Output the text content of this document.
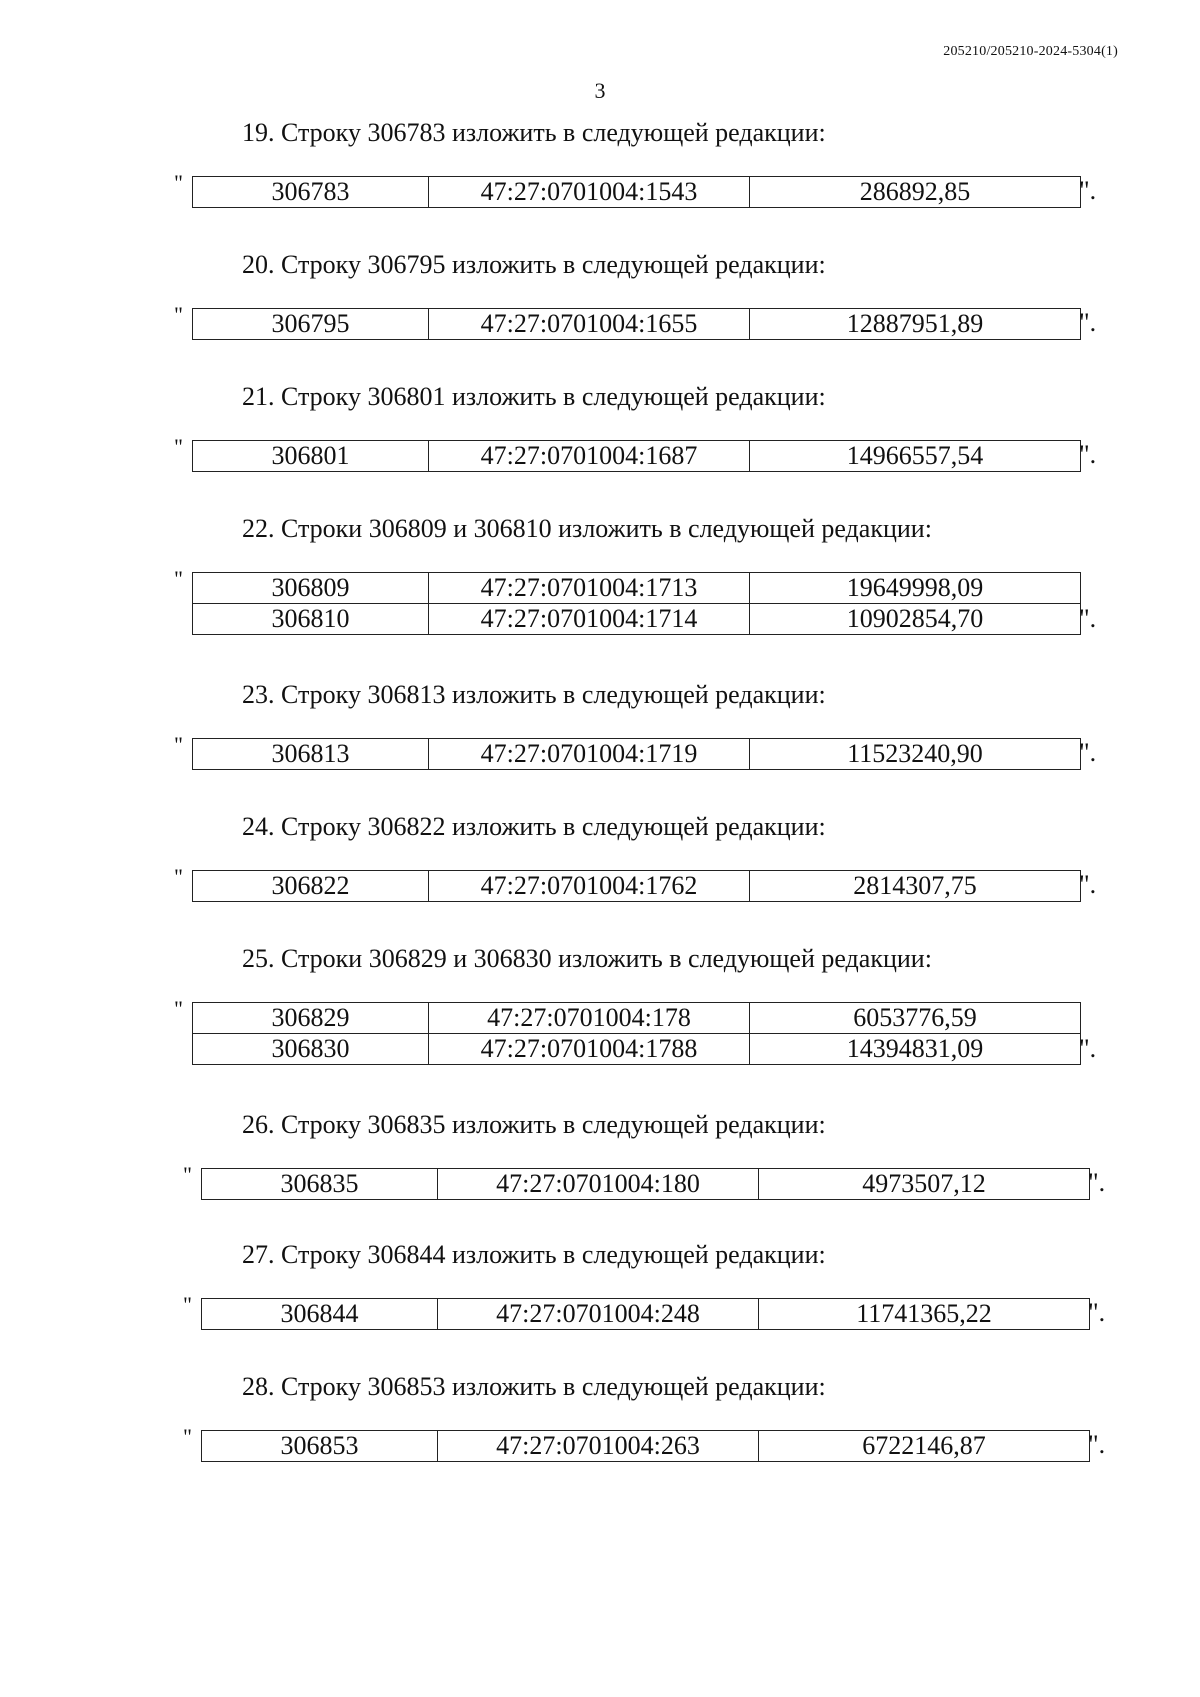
205210/205210-2024-5304(1)
3
19. Строку 306783 изложить в следующей редакции:
"	306783	47:27:0701004:1543	286892,85	".
20. Строку 306795 изложить в следующей редакции:
"	306795	47:27:0701004:1655	12887951,89	".
21. Строку 306801 изложить в следующей редакции:
"	306801	47:27:0701004:1687	14966557,54	".
22. Строки 306809 и 306810 изложить в следующей редакции:
"	306809	47:27:0701004:1713	19649998,09
306810	47:27:0701004:1714	10902854,70	".
23. Строку 306813 изложить в следующей редакции:
"	306813	47:27:0701004:1719	11523240,90	".
24. Строку 306822 изложить в следующей редакции:
"	306822	47:27:0701004:1762	2814307,75	".
25. Строки 306829 и 306830 изложить в следующей редакции:
"	306829	47:27:0701004:178	6053776,59
306830	47:27:0701004:1788	14394831,09	".
26. Строку 306835 изложить в следующей редакции:
"	306835	47:27:0701004:180	4973507,12	".
27. Строку 306844 изложить в следующей редакции:
"	306844	47:27:0701004:248	11741365,22	".
28. Строку 306853 изложить в следующей редакции:
"	306853	47:27:0701004:263	6722146,87	".
